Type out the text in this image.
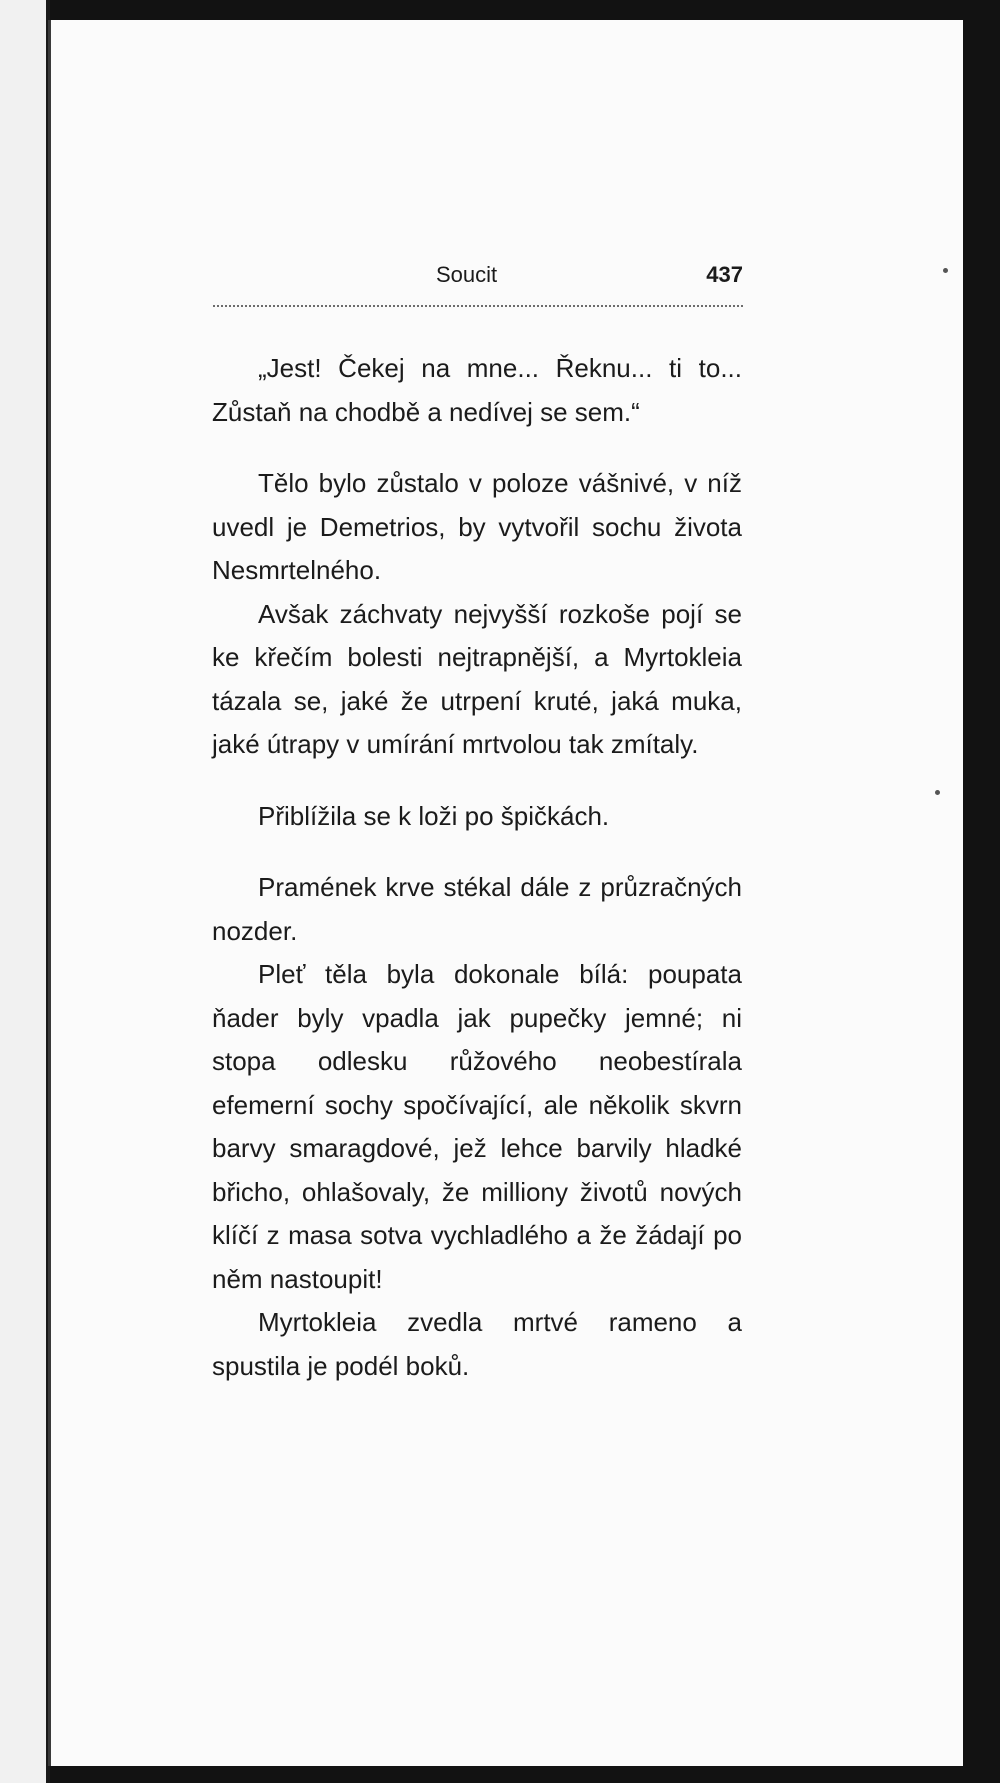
Soucit	437

„Jest! Čekej na mne... Řeknu... ti to... Zůstaň na chodbě a nedívej se sem.“

Tělo bylo zůstalo v poloze vášnivé, v níž uvedl je Demetrios, by vytvořil sochu života Nesmrtelného.

Avšak záchvaty nejvyšší rozkoše pojí se ke křečím bolesti nejtrapnější, a Myrtokleia tázala se, jaké že utrpení kruté, jaká muka, jaké útrapy v umírání mrtvolou tak zmítaly.

Přiblížila se k loži po špičkách.

Pramének krve stékal dále z průzračných nozder.

Pleť těla byla dokonale bílá: poupata ňader byly vpadla jak pupečky jemné; ni stopa odlesku růžového neobestírala efemerní sochy spočívající, ale několik skvrn barvy smaragdové, jež lehce barvily hladké břicho, ohlašovaly, že milliony životů nových klíčí z masa sotva vychladlého a že žádají po něm nastoupit!

Myrtokleia zvedla mrtvé rameno a spustila je podél boků.
